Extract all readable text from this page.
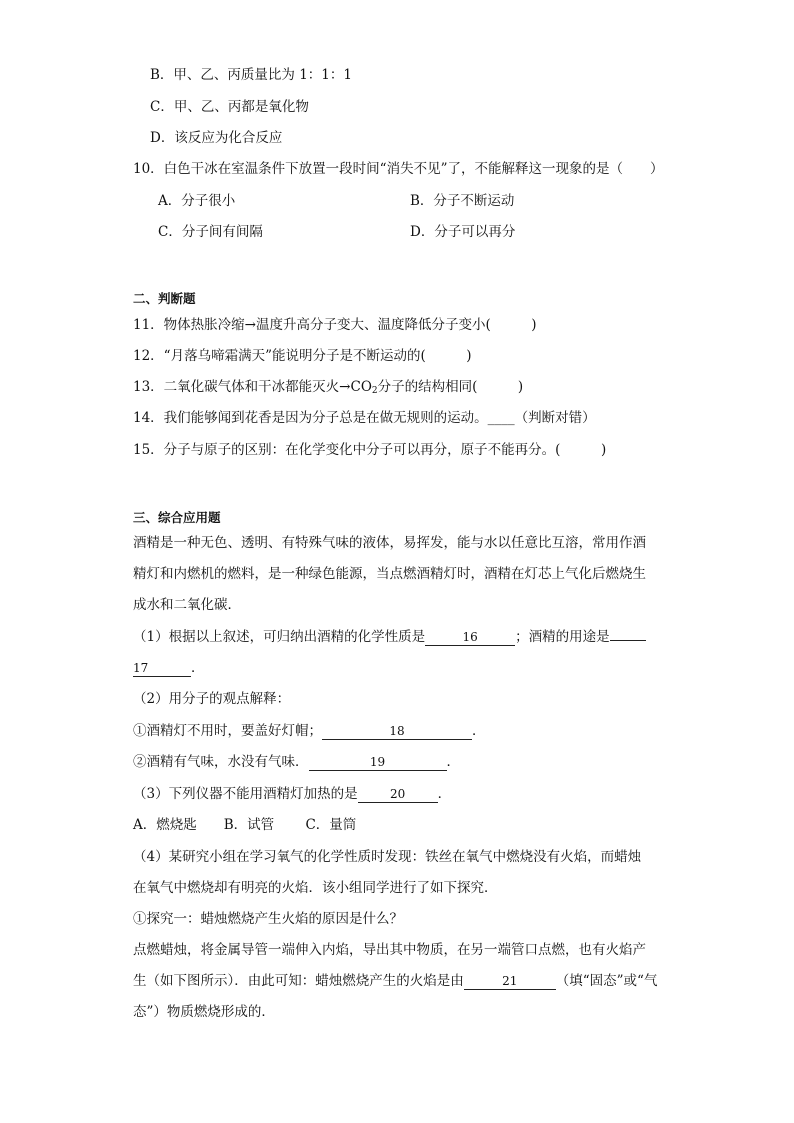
B．甲、乙、丙质量比为 1：1：1
C．甲、乙、丙都是氧化物
D．该反应为化合反应
10．白色干冰在室温条件下放置一段时间“消失不见”了，不能解释这一现象的是（　　）
A．分子很小	B．分子不断运动
C．分子间有间隔	D．分子可以再分
二、判断题
11．物体热胀冷缩→温度升高分子变大、温度降低分子变小(　　　)
12．“月落乌啼霜满天”能说明分子是不断运动的(　　　)
13．二氧化碳气体和干冰都能灭火$\to CO_2$分子的结构相同(　　　)
14．我们能够闻到花香是因为分子总是在做无规则的运动。____（判断对错）
15．分子与原子的区别：在化学变化中分子可以再分，原子不能再分。(　　　)
三、综合应用题
酒精是一种无色、透明、有特殊气味的液体，易挥发，能与水以任意比互溶，常用作酒
精灯和内燃机的燃料，是一种绿色能源，当点燃酒精灯时，酒精在灯芯上气化后燃烧生
成水和二氧化碳．
（1）根据以上叙述，可归纳出酒精的化学性质是	16	；酒精的用途是
17	．
（2）用分子的观点解释：
①酒精灯不用时，要盖好灯帽；	18	．
②酒精有气味，水没有气味．	19	．
（3）下列仪器不能用酒精灯加热的是	20 ．
A．燃烧匙　　B．试管　　 C．量筒
（4）某研究小组在学习氧气的化学性质时发现：铁丝在氧气中燃烧没有火焰，而蜡烛
在氧气中燃烧却有明亮的火焰．该小组同学进行了如下探究．
①探究一：蜡烛燃烧产生火焰的原因是什么？
点燃蜡烛，将金属导管一端伸入内焰，导出其中物质，在另一端管口点燃，也有火焰产
生（如下图所示）．由此可知：蜡烛燃烧产生的火焰是由	21	（填“固态”或“气
态”）物质燃烧形成的．
